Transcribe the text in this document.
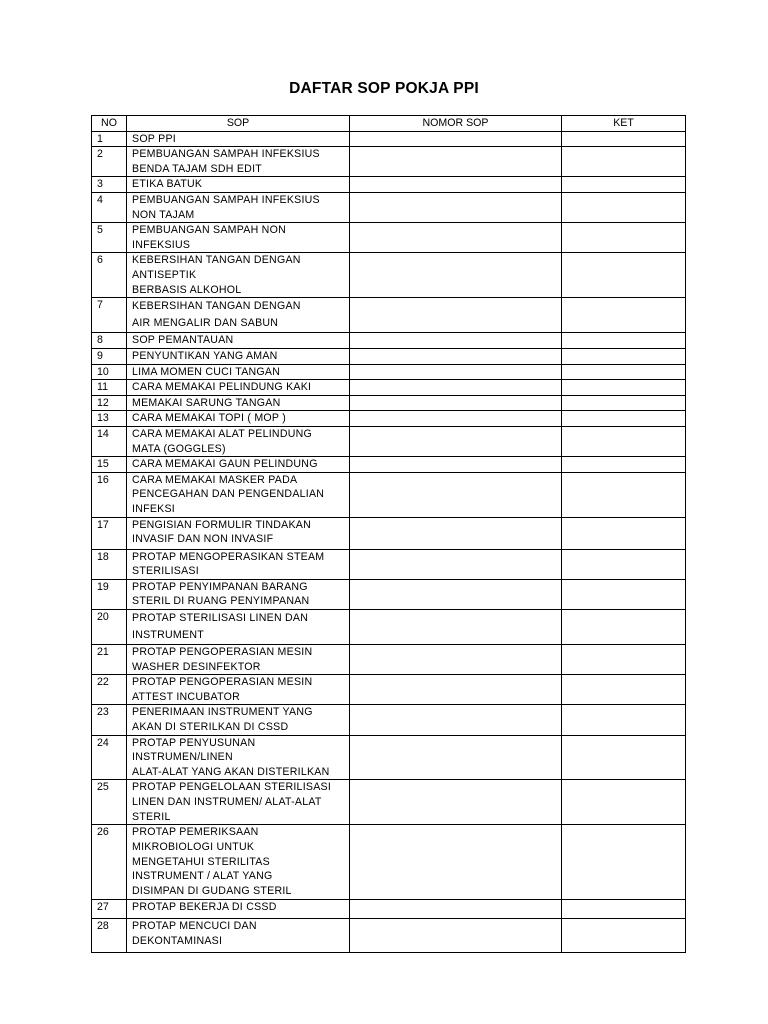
DAFTAR SOP POKJA PPI
NO	SOP	NOMOR SOP	KET
1	SOP PPI		
2	PEMBUANGAN SAMPAH INFEKSIUS
BENDA TAJAM SDH EDIT		
3	ETIKA BATUK		
4	PEMBUANGAN SAMPAH INFEKSIUS
NON TAJAM		
5	PEMBUANGAN SAMPAH NON
INFEKSIUS		
6	KEBERSIHAN TANGAN DENGAN
ANTISEPTIK
BERBASIS ALKOHOL		
7	KEBERSIHAN TANGAN DENGAN
AIR MENGALIR DAN SABUN		
8	SOP PEMANTAUAN		
9	PENYUNTIKAN YANG AMAN		
10	LIMA MOMEN CUCI TANGAN		
11	CARA MEMAKAI PELINDUNG KAKI		
12	MEMAKAI SARUNG TANGAN		
13	CARA MEMAKAI TOPI ( MOP )		
14	CARA MEMAKAI ALAT PELINDUNG
MATA (GOGGLES)		
15	CARA MEMAKAI GAUN PELINDUNG		
16	CARA MEMAKAI MASKER PADA
PENCEGAHAN DAN PENGENDALIAN
INFEKSI		
17	PENGISIAN FORMULIR TINDAKAN
INVASIF DAN NON INVASIF		
18	PROTAP MENGOPERASIKAN STEAM
STERILISASI		
19	PROTAP PENYIMPANAN BARANG
STERIL DI RUANG PENYIMPANAN		
20	PROTAP STERILISASI LINEN DAN
INSTRUMENT		
21	PROTAP PENGOPERASIAN MESIN
WASHER DESINFEKTOR		
22	PROTAP PENGOPERASIAN MESIN
ATTEST INCUBATOR		
23	PENERIMAAN INSTRUMENT YANG
AKAN DI STERILKAN DI CSSD		
24	PROTAP PENYUSUNAN
INSTRUMEN/LINEN
ALAT-ALAT YANG AKAN DISTERILKAN		
25	PROTAP PENGELOLAAN STERILISASI
LINEN DAN INSTRUMEN/ ALAT-ALAT
STERIL		
26	PROTAP PEMERIKSAAN
MIKROBIOLOGI UNTUK
MENGETAHUI STERILITAS
INSTRUMENT / ALAT YANG
DISIMPAN DI GUDANG STERIL		
27	PROTAP BEKERJA DI CSSD		
28	PROTAP MENCUCI DAN
DEKONTAMINASI		
